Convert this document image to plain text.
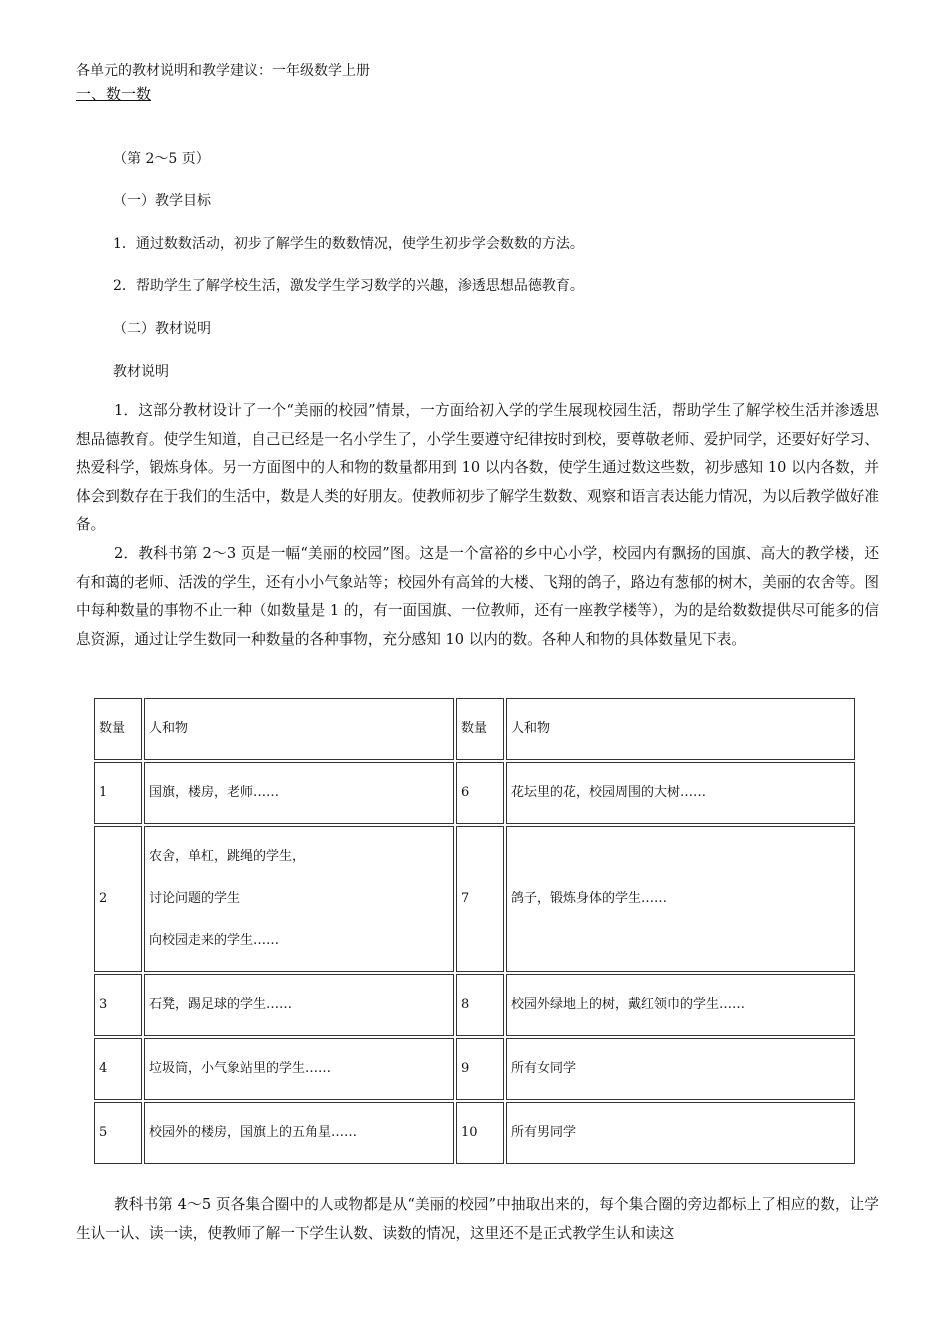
各单元的教材说明和教学建议：一年级数学上册
一、数一数
（第 2～5 页）
（一）教学目标
1．通过数数活动，初步了解学生的数数情况，使学生初步学会数数的方法。
2．帮助学生了解学校生活，激发学生学习数学的兴趣，渗透思想品德教育。
（二）教材说明
教材说明

1．这部分教材设计了一个“美丽的校园”情景，一方面给初入学的学生展现校园生活，帮助学生了解学校生活并渗透思想品德教育。使学生知道，自己已经是一名小学生了，小学生要遵守纪律按时到校，要尊敬老师、爱护同学，还要好好学习、热爱科学，锻炼身体。另一方面图中的人和物的数量都用到 10 以内各数，使学生通过数这些数，初步感知 10 以内各数，并体会到数存在于我们的生活中，数是人类的好朋友。使教师初步了解学生数数、观察和语言表达能力情况，为以后教学做好准备。

2．教科书第 2～3 页是一幅“美丽的校园”图。这是一个富裕的乡中心小学，校园内有飘扬的国旗、高大的教学楼，还有和蔼的老师、活泼的学生，还有小小气象站等；校园外有高耸的大楼、飞翔的鸽子，路边有葱郁的树木，美丽的农舍等。图中每种数量的事物不止一种（如数量是 1 的，有一面国旗、一位教师，还有一座教学楼等），为的是给数数提供尽可能多的信息资源，通过让学生数同一种数量的各种事物，充分感知 10 以内的数。各种人和物的具体数量见下表。

数量	人和物	数量	人和物
1	国旗，楼房，老师……	6	花坛里的花，校园周围的大树……
2	农舍，单杠，跳绳的学生，
讨论问题的学生
向校园走来的学生……	7	鸽子，锻炼身体的学生……
3	石凳，踢足球的学生……	8	校园外绿地上的树，戴红领巾的学生……
4	垃圾筒，小气象站里的学生……	9	所有女同学
5	校园外的楼房，国旗上的五角星……	10	所有男同学

教科书第 4～5 页各集合圈中的人或物都是从“美丽的校园”中抽取出来的，每个集合圈的旁边都标上了相应的数，让学生认一认、读一读，使教师了解一下学生认数、读数的情况，这里还不是正式教学生认和读这
